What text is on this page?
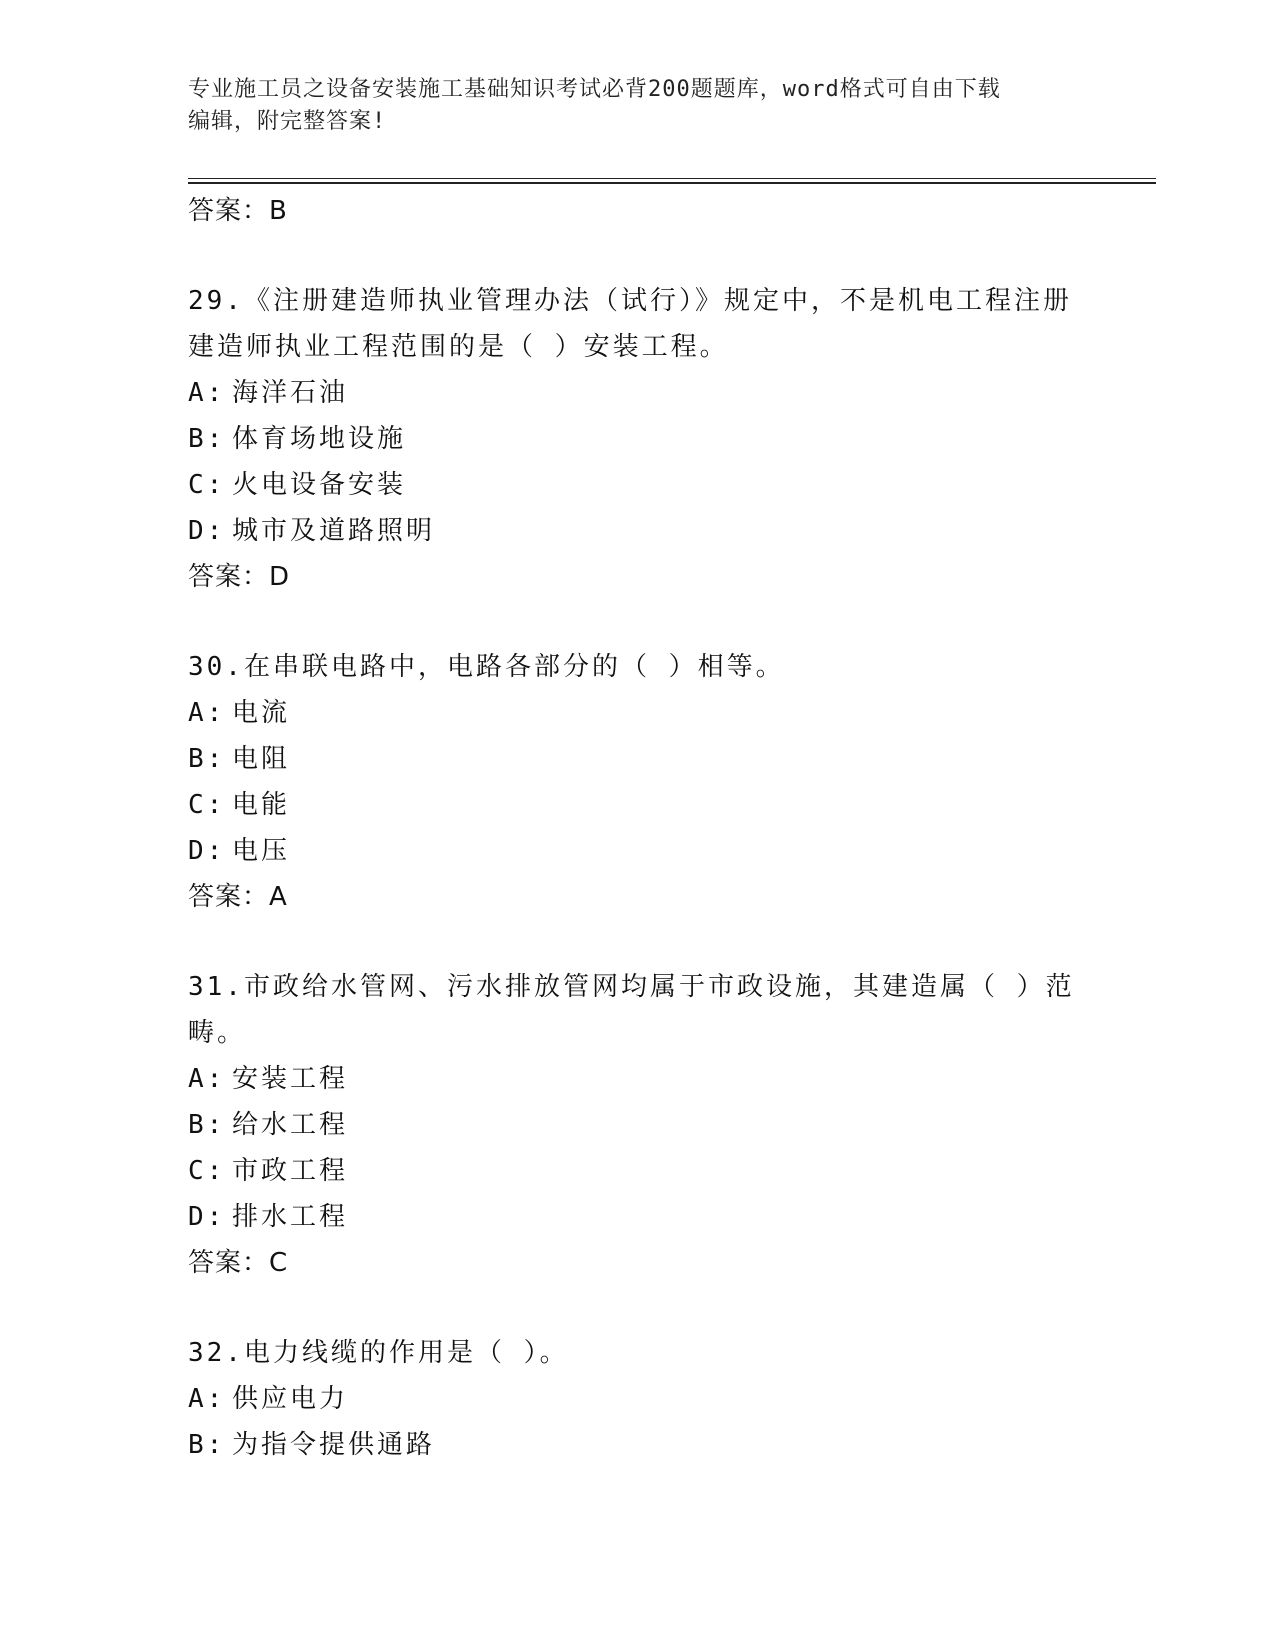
专业施工员之设备安装施工基础知识考试必背200题题库，word格式可自由下载
编辑，附完整答案!

答案：B

29.《注册建造师执业管理办法（试行）》规定中，不是机电工程注册

建造师执业工程范围的是（ ）安装工程。

A: 海洋石油

B: 体育场地设施

C: 火电设备安装

D: 城市及道路照明

答案：D

30.在串联电路中，电路各部分的（ ）相等。

A: 电流

B: 电阻

C: 电能

D: 电压

答案：A

31.市政给水管网、污水排放管网均属于市政设施，其建造属（ ）范

畴。

A: 安装工程

B: 给水工程

C: 市政工程

D: 排水工程

答案：C

32.电力线缆的作用是（ ）。

A: 供应电力

B: 为指令提供通路
